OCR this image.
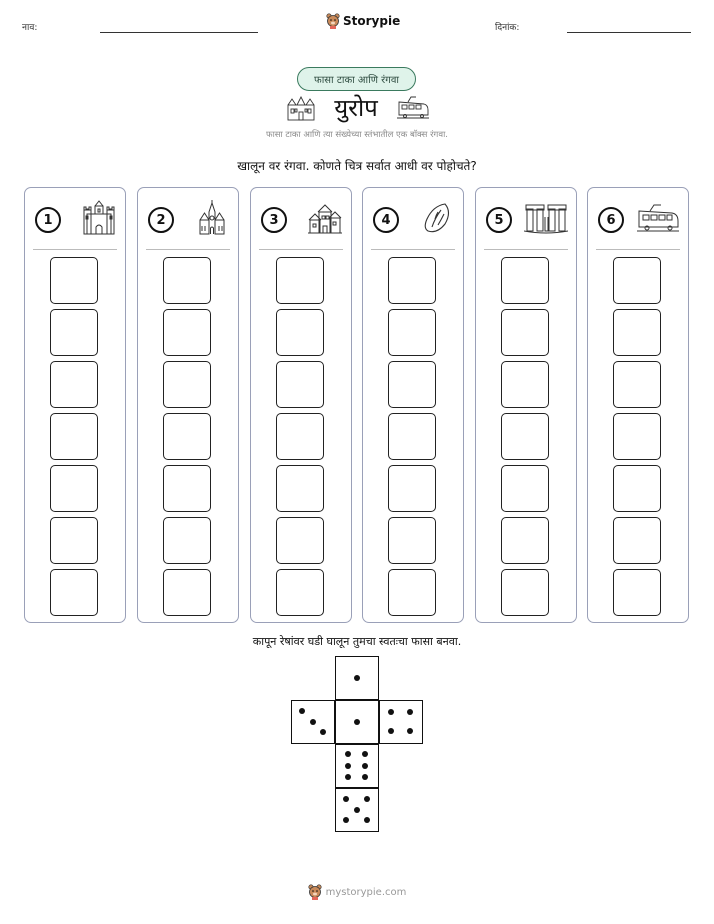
नाव:	Storypie	दिनांक:
फासा टाका आणि रंगवा
युरोप
फासा टाका आणि त्या संख्येच्या स्तंभातील एक बॉक्स रंगवा.
खालून वर रंगवा. कोणते चित्र सर्वात आधी वर पोहोचते?
1	2	3	4	5	6
कापून रेषांवर घडी घालून तुमचा स्वतःचा फासा बनवा.
mystorypie.com
